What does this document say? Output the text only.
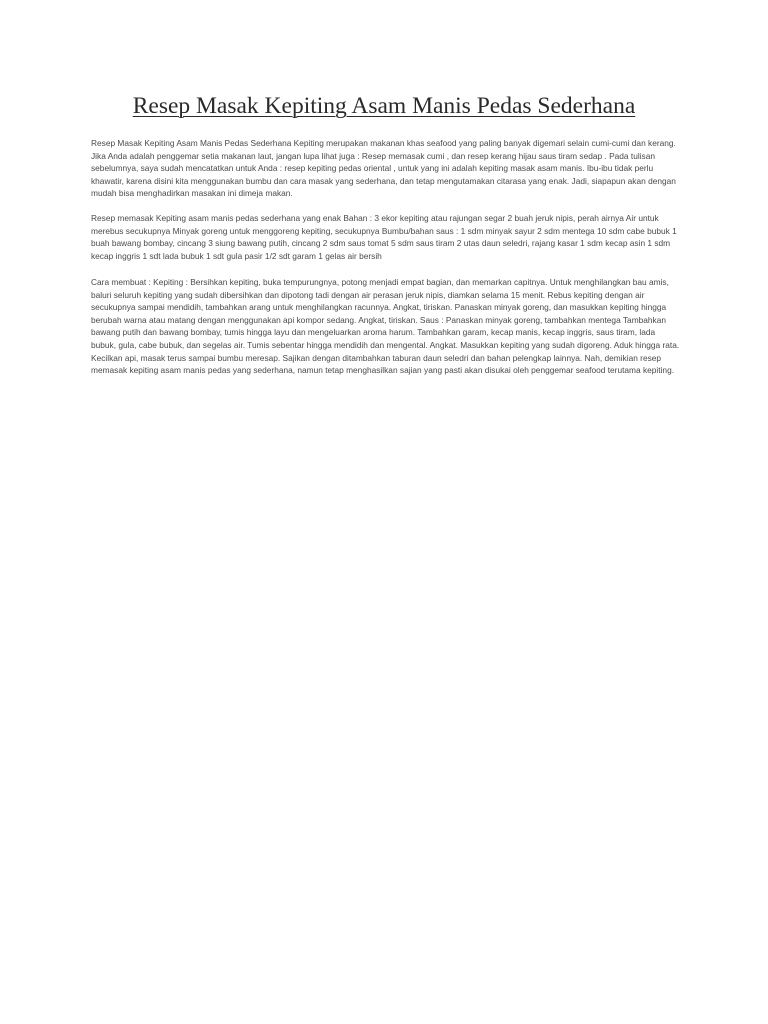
Resep Masak Kepiting Asam Manis Pedas Sederhana

Resep Masak Kepiting Asam Manis Pedas Sederhana Kepiting merupakan makanan khas seafood yang paling banyak digemari selain cumi-cumi dan kerang. Jika Anda adalah penggemar setia makanan laut, jangan lupa lihat juga : Resep memasak cumi , dan resep kerang hijau saus tiram sedap . Pada tulisan sebelumnya, saya sudah mencatatkan untuk Anda : resep kepiting pedas oriental , untuk yang ini adalah kepiting masak asam manis. Ibu-ibu tidak perlu khawatir, karena disini kita menggunakan bumbu dan cara masak yang sederhana, dan tetap mengutamakan citarasa yang enak. Jadi, siapapun akan dengan mudah bisa menghadirkan masakan ini dimeja makan.

Resep memasak Kepiting asam manis pedas sederhana yang enak Bahan : 3 ekor kepiting atau rajungan segar 2 buah jeruk nipis, perah airnya Air untuk merebus secukupnya Minyak goreng untuk menggoreng kepiting, secukupnya Bumbu/bahan saus : 1 sdm minyak sayur 2 sdm mentega 10 sdm cabe bubuk 1 buah bawang bombay, cincang 3 siung bawang putih, cincang 2 sdm saus tomat 5 sdm saus tiram 2 utas daun seledri, rajang kasar 1 sdm kecap asin 1 sdm kecap inggris 1 sdt lada bubuk 1 sdt gula pasir 1/2 sdt garam 1 gelas air bersih

Cara membuat : Kepiting : Bersihkan kepiting, buka tempurungnya, potong menjadi empat bagian, dan memarkan capitnya. Untuk menghilangkan bau amis, baluri seluruh kepiting yang sudah dibersihkan dan dipotong tadi dengan air perasan jeruk nipis, diamkan selama 15 menit. Rebus kepiting dengan air secukupnya sampai mendidih, tambahkan arang untuk menghilangkan racunnya. Angkat, tiriskan. Panaskan minyak goreng, dan masukkan kepiting hingga berubah warna atau matang dengan menggunakan api kompor sedang. Angkat, tiriskan. Saus : Panaskan minyak goreng, tambahkan mentega Tambahkan bawang putih dan bawang bombay, tumis hingga layu dan mengeluarkan aroma harum. Tambahkan garam, kecap manis, kecap inggris, saus tiram, lada bubuk, gula, cabe bubuk, dan segelas air. Tumis sebentar hingga mendidih dan mengental. Angkat. Masukkan kepiting yang sudah digoreng. Aduk hingga rata. Kecilkan api, masak terus sampai bumbu meresap. Sajikan dengan ditambahkan taburan daun seledri dan bahan pelengkap lainnya. Nah, demikian resep memasak kepiting asam manis pedas yang sederhana, namun tetap menghasilkan sajian yang pasti akan disukai oleh penggemar seafood terutama kepiting.
